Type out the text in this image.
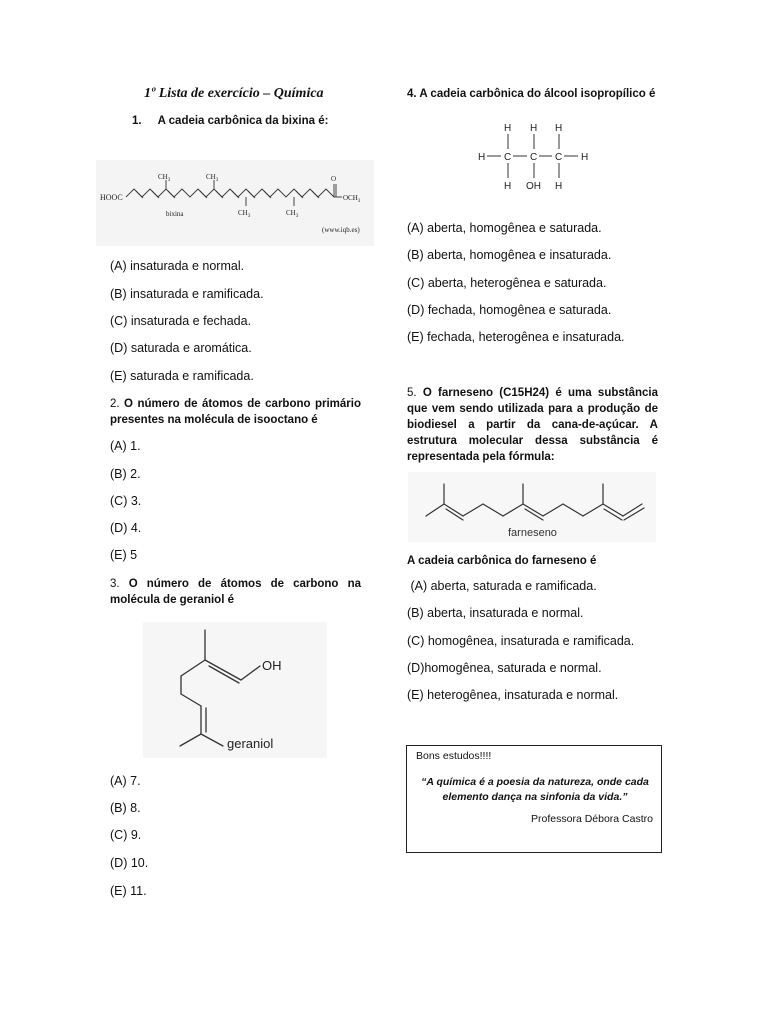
1º Lista de exercício – Química
1. A cadeia carbônica da bixina é:
HOOC
$CH_3$	$CH_3$
$CH_3$	$CH_3$
O
$OCH_3$
bixina
(www.iqb.es)
(A) insaturada e normal.
(B) insaturada e ramificada.
(C) insaturada e fechada.
(D) saturada e aromática.
(E) saturada e ramificada.
2. O número de átomos de carbono primário presentes na molécula de isooctano é
(A) 1.
(B) 2.
(C) 3.
(D) 4.
(E) 5
3. O número de átomos de carbono na molécula de geraniol é
OH
geraniol
(A) 7.
(B) 8.
(C) 9.
(D) 10.
(E) 11.
4. A cadeia carbônica do álcool isopropílico é
H H H
H C C C H
H OH H
(A) aberta, homogênea e saturada.
(B) aberta, homogênea e insaturada.
(C) aberta, heterogênea e saturada.
(D) fechada, homogênea e saturada.
(E) fechada, heterogênea e insaturada.
5. O farneseno (C15H24) é uma substância que vem sendo utilizada para a produção de biodiesel a partir da cana-de-açúcar. A estrutura molecular dessa substância é representada pela fórmula:
farneseno
A cadeia carbônica do farneseno é
(A) aberta, saturada e ramificada.
(B) aberta, insaturada e normal.
(C) homogênea, insaturada e ramificada.
(D)homogênea, saturada e normal.
(E) heterogênea, insaturada e normal.
Bons estudos!!!!
“A química é a poesia da natureza, onde cada elemento dança na sinfonia da vida.”
Professora Débora Castro
